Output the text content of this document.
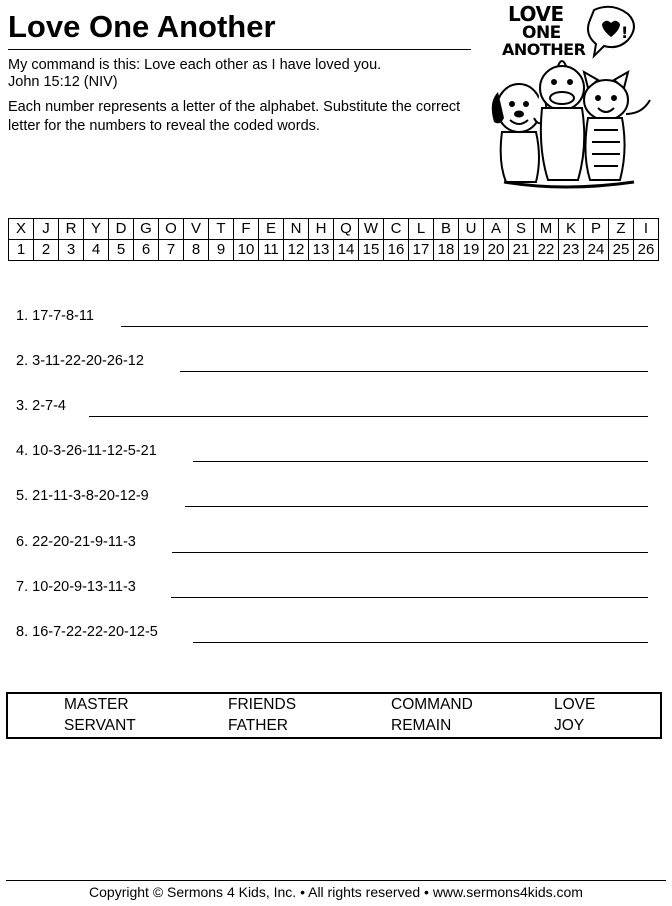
Love One Another
My command is this: Love each other as I have loved you.
John 15:12 (NIV)
Each number represents a letter of the alphabet. Substitute the correct letter for the numbers to reveal the coded words.
!
LOVE
ONE
ANOTHER
X	J	R	Y	D	G	O	V	T	F	E	N	H	Q	W	C	L	B	U	A	S	M	K	P	Z	I
1	2	3	4	5	6	7	8	9	10	11	12	13	14	15	16	17	18	19	20	21	22	23	24	25	26
1. 17-7-8-11
2. 3-11-22-20-26-12
3. 2-7-4
4. 10-3-26-11-12-5-21
5. 21-11-3-8-20-12-9
6. 22-20-21-9-11-3
7. 10-20-9-13-11-3
8. 16-7-22-22-20-12-5
MASTER	FRIENDS	COMMAND	LOVE
SERVANT	FATHER	REMAIN	JOY
Copyright © Sermons 4 Kids, Inc. • All rights reserved • www.sermons4kids.com
